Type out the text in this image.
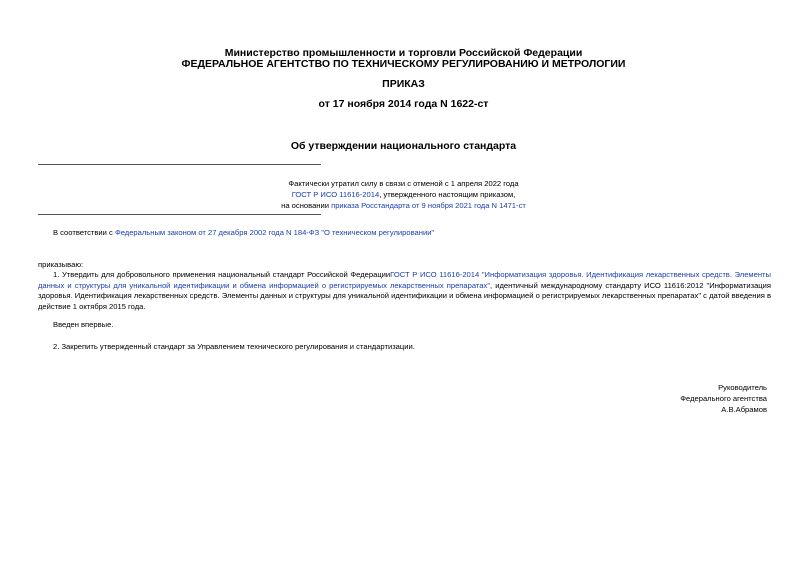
Министерство промышленности и торговли Российской Федерации
ФЕДЕРАЛЬНОЕ АГЕНТСТВО ПО ТЕХНИЧЕСКОМУ РЕГУЛИРОВАНИЮ И МЕТРОЛОГИИ
ПРИКАЗ
от 17 ноября 2014 года N 1622-ст
Об утверждении национального стандарта
Фактически утратил силу в связи с отменой с 1 апреля 2022 года
ГОСТ Р ИСО 11616-2014, утвержденного настоящим приказом,
на основании приказа Росстандарта от 9 ноября 2021 года N 1471-ст
В соответствии с Федеральным законом от 27 декабря 2002 года N 184-ФЗ "О техническом регулировании"
приказываю:
1. Утвердить для добровольного применения национальный стандарт Российской ФедерацииГОСТ Р ИСО 11616-2014 "Информатизация здоровья. Идентификация лекарственных средств. Элементы данных и структуры для уникальной идентификации и обмена информацией о регистрируемых лекарственных препаратах", идентичный международному стандарту ИСО 11616:2012 "Информатизация здоровья. Идентификация лекарственных средств. Элементы данных и структуры для уникальной идентификации и обмена информацией о регистрируемых лекарственных препаратах" с датой введения в действие 1 октября 2015 года.
Введен впервые.
2. Закрепить утвержденный стандарт за Управлением технического регулирования и стандартизации.
Руководитель
Федерального агентства
А.В.Абрамов
